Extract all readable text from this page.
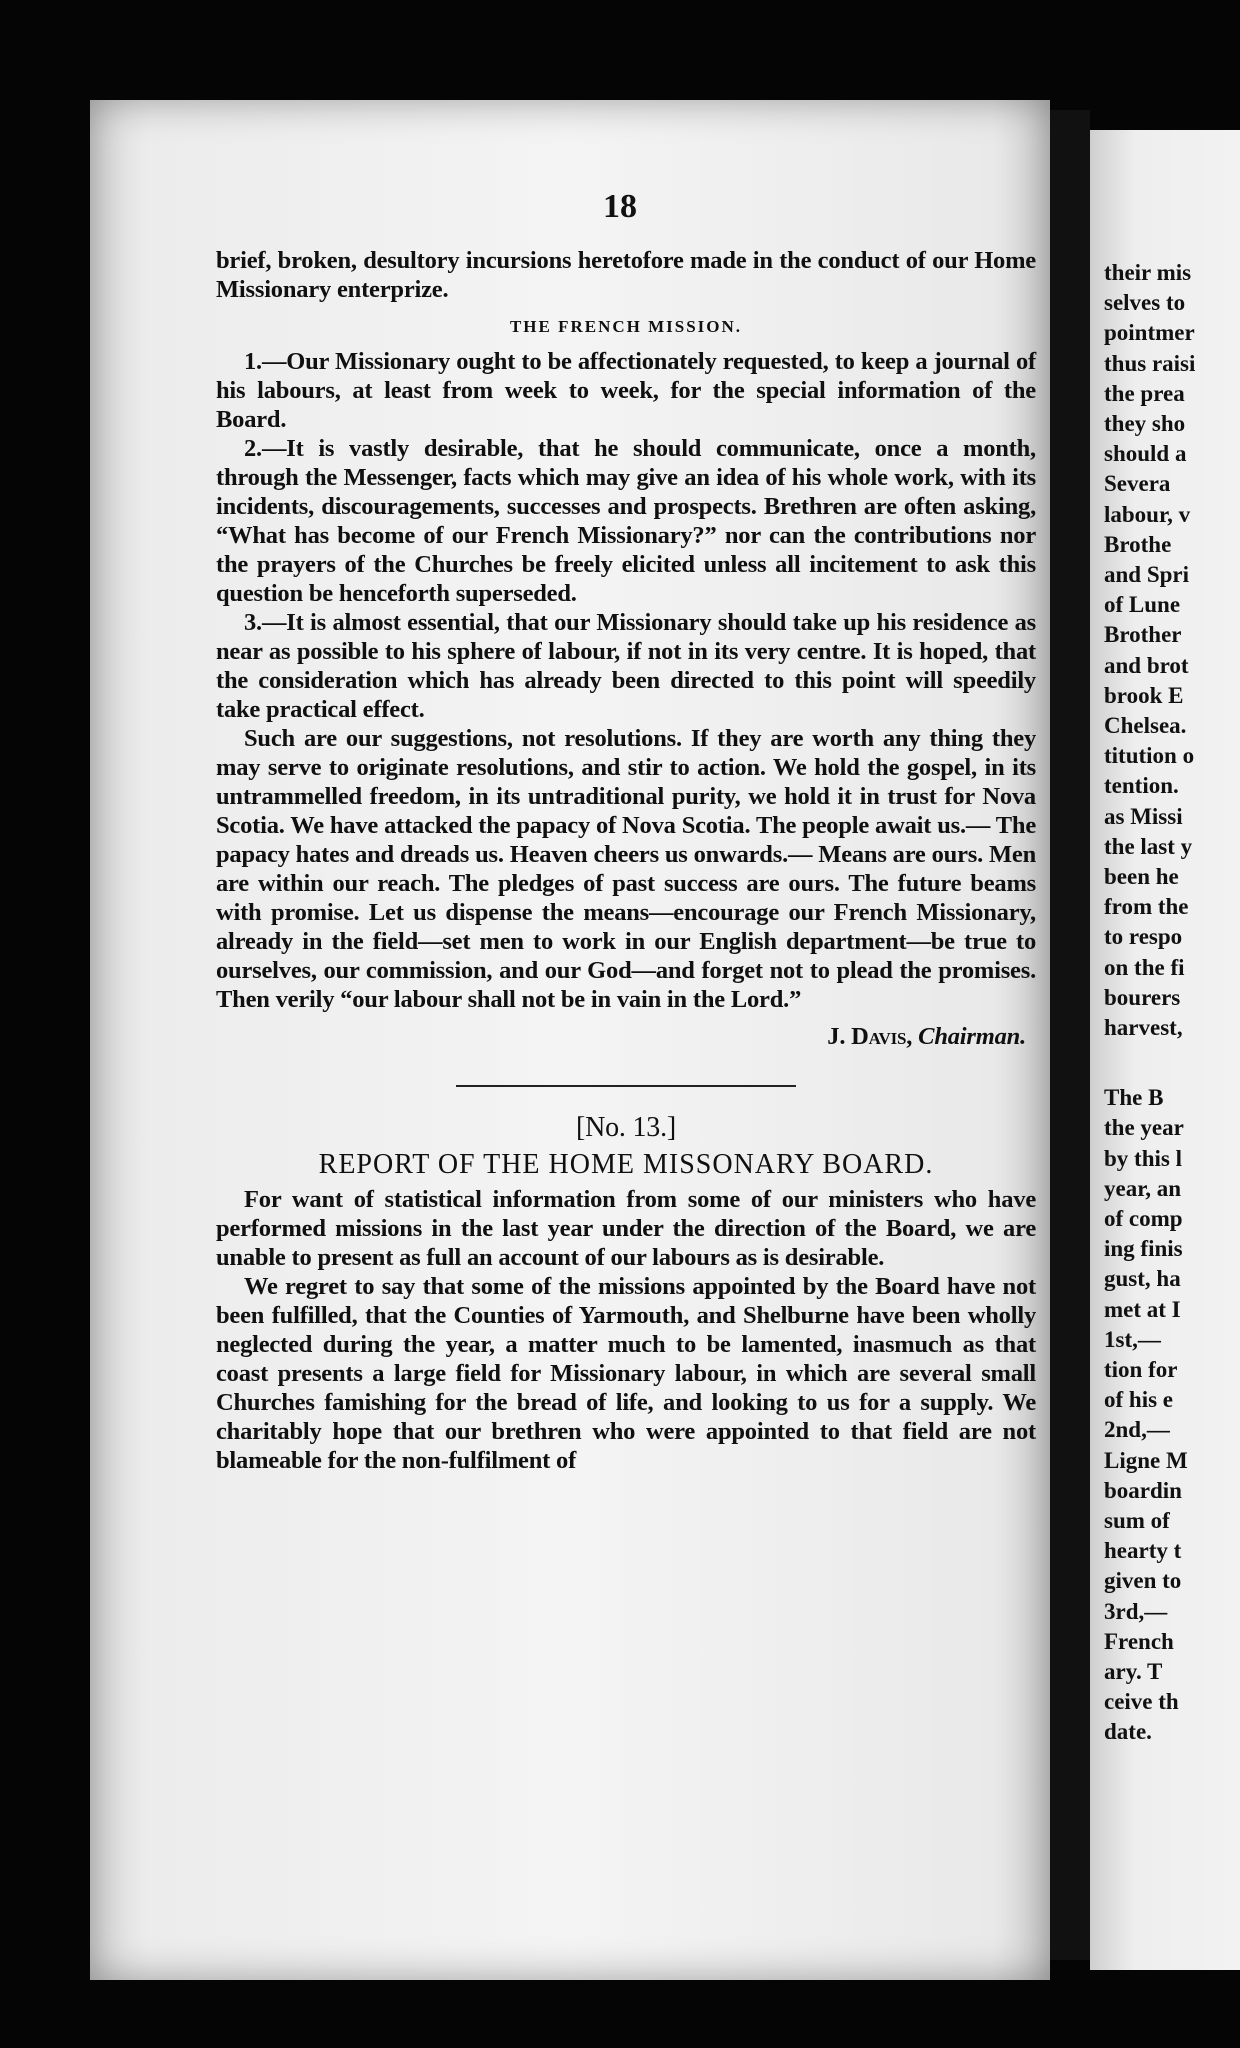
their mis
selves to
pointmer
thus raisi
the prea
they sho
should a
Severa
labour, v
Brothe
and Spri
of Lune
Brother
and brot
brook E
Chelsea.
titution o
tention.
as Missi
the last y
been he
from the
to respo
on the fi
bourers
harvest,
The B
the year
by this l
year, an
of comp
ing finis
gust, ha
met at I
1st,—
tion for
of his e
2nd,—
Ligne M
boardin
sum of
hearty t
given to
3rd,—
French
ary. T
ceive th
date.
18

brief, broken, desultory incursions heretofore made in the conduct of our Home Missionary enterprize.

THE FRENCH MISSION.

1.—Our Missionary ought to be affectionately requested, to keep a journal of his labours, at least from week to week, for the special information of the Board.

2.—It is vastly desirable, that he should communicate, once a month, through the Messenger, facts which may give an idea of his whole work, with its incidents, discouragements, successes and prospects. Brethren are often asking, “What has become of our French Missionary?” nor can the contributions nor the prayers of the Churches be freely elicited unless all incitement to ask this question be henceforth superseded.

3.—It is almost essential, that our Missionary should take up his residence as near as possible to his sphere of labour, if not in its very centre. It is hoped, that the consideration which has already been directed to this point will speedily take practical effect.

Such are our suggestions, not resolutions. If they are worth any thing they may serve to originate resolutions, and stir to action. We hold the gospel, in its untrammelled freedom, in its untraditional purity, we hold it in trust for Nova Scotia. We have attacked the papacy of Nova Scotia. The people await us.— The papacy hates and dreads us. Heaven cheers us onwards.— Means are ours. Men are within our reach. The pledges of past success are ours. The future beams with promise. Let us dispense the means—encourage our French Missionary, already in the field—set men to work in our English department—be true to ourselves, our commission, and our God—and forget not to plead the promises. Then verily “our labour shall not be in vain in the Lord.”

J. Davis, Chairman.

[No. 13.]

REPORT OF THE HOME MISSONARY BOARD.

For want of statistical information from some of our ministers who have performed missions in the last year under the direction of the Board, we are unable to present as full an account of our labours as is desirable.

We regret to say that some of the missions appointed by the Board have not been fulfilled, that the Counties of Yarmouth, and Shelburne have been wholly neglected during the year, a matter much to be lamented, inasmuch as that coast presents a large field for Missionary labour, in which are several small Churches famishing for the bread of life, and looking to us for a supply. We charitably hope that our brethren who were appointed to that field are not blameable for the non-fulfilment of
